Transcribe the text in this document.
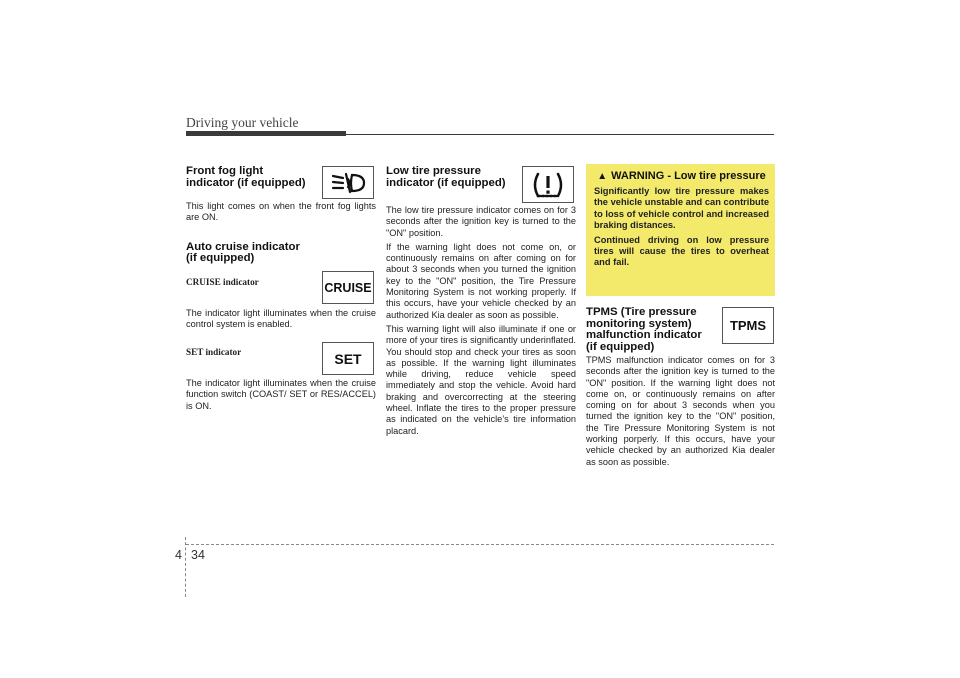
Driving your vehicle
Front fog light
indicator (if equipped)

This light comes on when the front fog lights are ON.

Auto cruise indicator
(if equipped)

CRUISE indicator

The indicator light illuminates when the cruise control system is enabled.

SET indicator

The indicator light illuminates when the cruise function switch (COAST/ SET or RES/ACCEL) is ON.

CRUISE
SET
Low tire pressure
indicator (if equipped)

The low tire pressure indicator comes on for 3 seconds after the ignition key is turned to the "ON" position.

If the warning light does not come on, or continuously remains on after coming on for about 3 seconds when you turned the ignition key to the "ON" position, the Tire Pressure Monitoring System is not working properly. If this occurs, have your vehicle checked by an authorized Kia dealer as soon as possible.

This warning light will also illuminate if one or more of your tires is significantly underinflated. You should stop and check your tires as soon as possible. If the warning light illuminates while driving, reduce vehicle speed immediately and stop the vehicle. Avoid hard braking and overcorrecting at the steering wheel. Inflate the tires to the proper pressure as indicated on the vehicle’s tire information placard.

▲ WARNING - Low tire pressure

Significantly low tire pressure makes the vehicle unstable and can contribute to loss of vehicle control and increased braking distances.

Continued driving on low pressure tires will cause the tires to overheat and fail.

TPMS (Tire pressure
monitoring system)
malfunction indicator
(if equipped)

TPMS malfunction indicator comes on for 3 seconds after the ignition key is turned to the "ON" position. If the warning light does not come on, or continuously remains on after coming on for about 3 seconds when you turned the ignition key to the "ON" position, the Tire Pressure Monitoring System is not working porperly. If this occurs, have your vehicle checked by an authorized Kia dealer as soon as possible.

TPMS
4 34
